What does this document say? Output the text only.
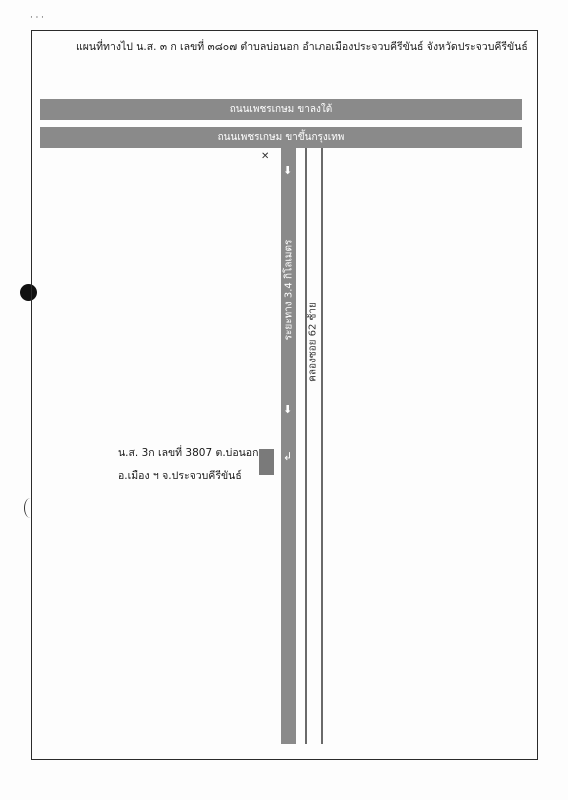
· ⸱ ·
แผนที่ทางไป น.ส. ๓ ก เลขที่ ๓๘๐๗ ตำบลบ่อนอก อำเภอเมืองประจวบคีรีขันธ์ จังหวัดประจวบคีรีขันธ์
ถนนเพชรเกษม ขาลงใต้
ถนนเพชรเกษม ขาขึ้นกรุงเทพ
✕
ระยะทาง 3.4 กิโลเมตร
⬇
⬇
↲
คลองซอย 62 ซ้าย
น.ส. 3ก เลขที่ 3807 ต.บ่อนอก
อ.เมือง ฯ จ.ประจวบคีรีขันธ์
